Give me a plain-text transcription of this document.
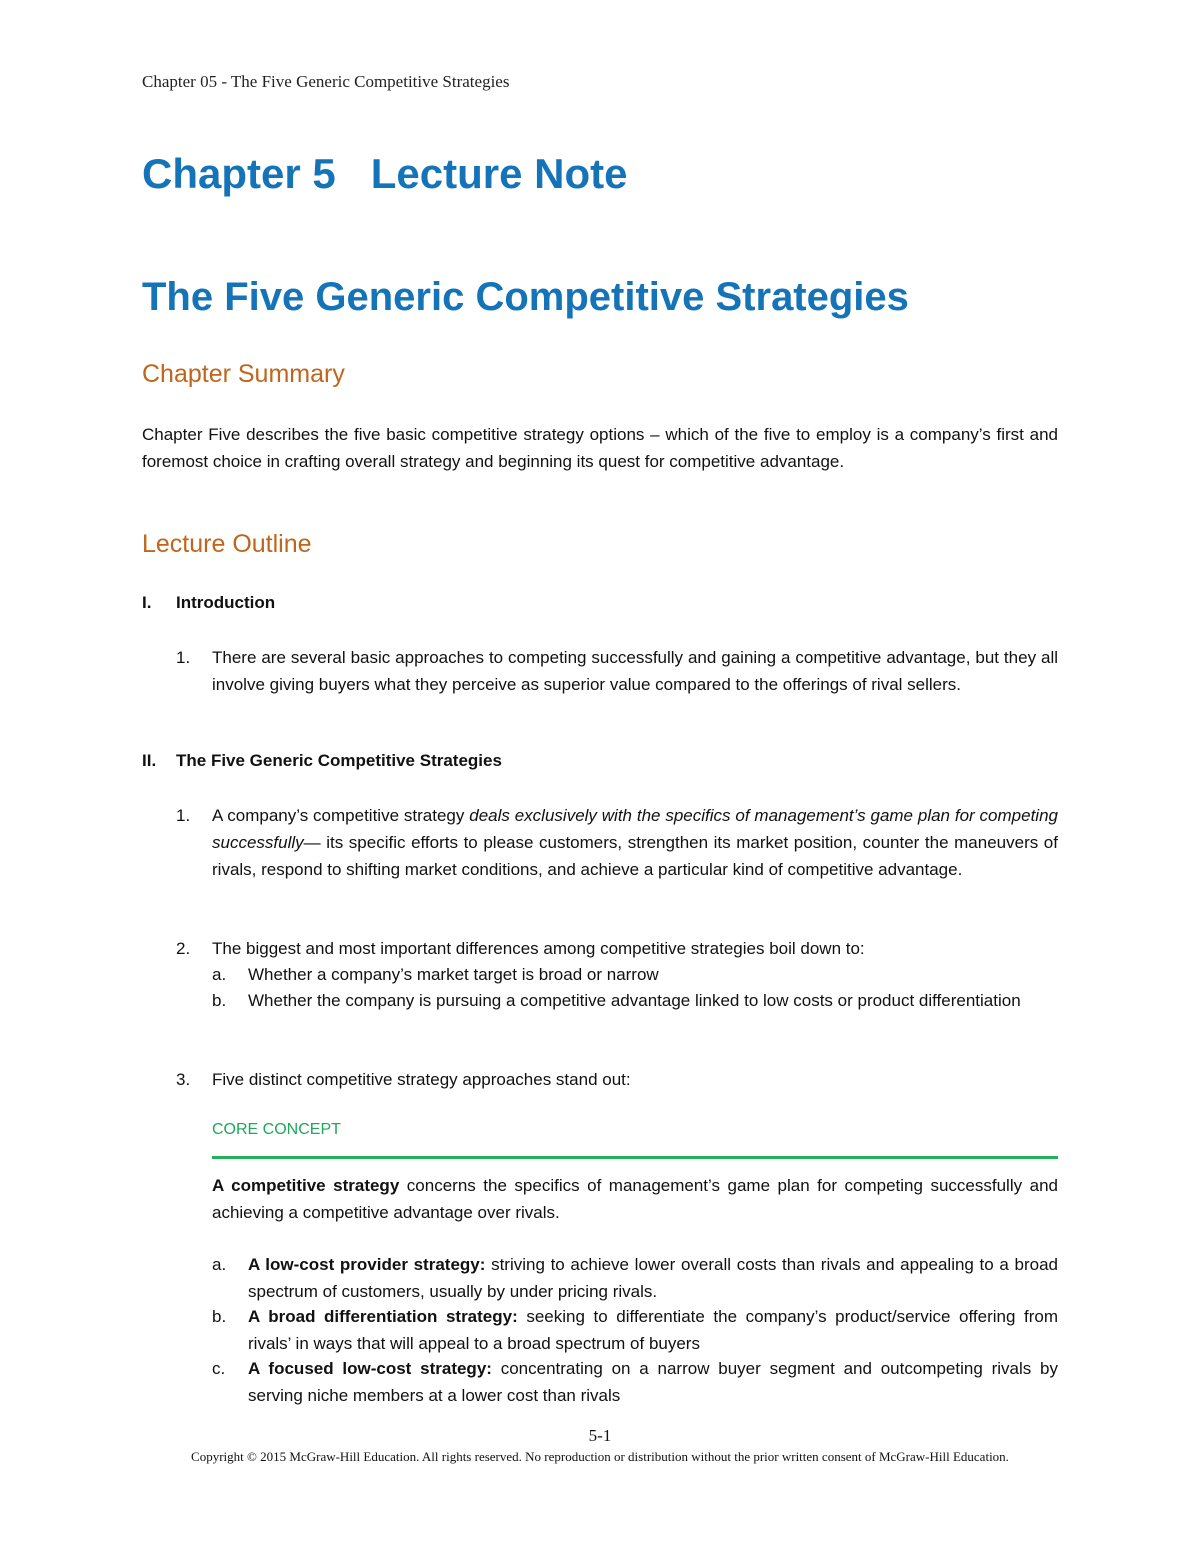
Chapter 05 - The Five Generic Competitive Strategies
Chapter 5   Lecture Note
The Five Generic Competitive Strategies
Chapter Summary
Chapter Five describes the five basic competitive strategy options – which of the five to employ is a company’s first and foremost choice in crafting overall strategy and beginning its quest for competitive advantage.
Lecture Outline
I. Introduction
1. There are several basic approaches to competing successfully and gaining a competitive advantage, but they all involve giving buyers what they perceive as superior value compared to the offerings of rival sellers.
II. The Five Generic Competitive Strategies
1. A company’s competitive strategy deals exclusively with the specifics of management’s game plan for competing successfully— its specific efforts to please customers, strengthen its market position, counter the maneuvers of rivals, respond to shifting market conditions, and achieve a particular kind of competitive advantage.
2. The biggest and most important differences among competitive strategies boil down to:
a. Whether a company’s market target is broad or narrow
b. Whether the company is pursuing a competitive advantage linked to low costs or product differentiation
3. Five distinct competitive strategy approaches stand out:
CORE CONCEPT
A competitive strategy concerns the specifics of management’s game plan for competing successfully and achieving a competitive advantage over rivals.
a. A low-cost provider strategy: striving to achieve lower overall costs than rivals and appealing to a broad spectrum of customers, usually by under pricing rivals.
b. A broad differentiation strategy: seeking to differentiate the company’s product/service offering from rivals’ in ways that will appeal to a broad spectrum of buyers
c. A focused low-cost strategy: concentrating on a narrow buyer segment and outcompeting rivals by serving niche members at a lower cost than rivals
5-1
Copyright © 2015 McGraw-Hill Education. All rights reserved. No reproduction or distribution without the prior written consent of McGraw-Hill Education.
